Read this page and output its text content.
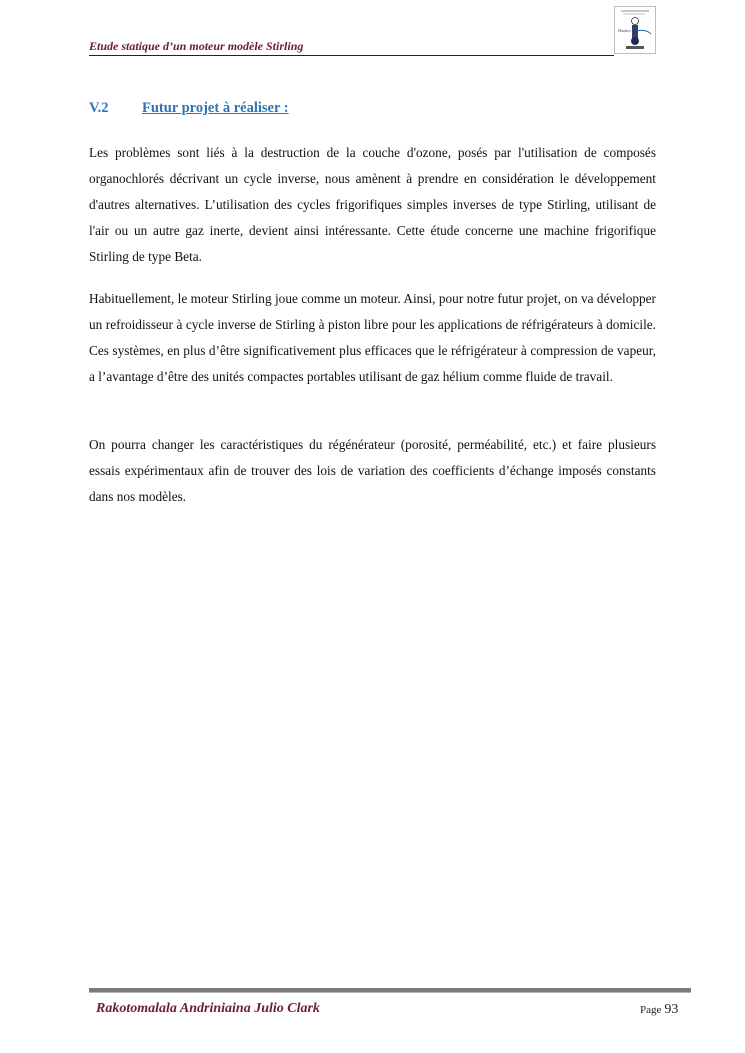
Etude statique d’un moteur modèle Stirling
Hanitra
V.2 Futur projet à réaliser :

Les problèmes sont liés à la destruction de la couche d'ozone, posés par l'utilisation de composés organochlorés décrivant un cycle inverse, nous amènent à prendre en considération le développement d'autres alternatives. L’utilisation des cycles frigorifiques simples inverses de type Stirling, utilisant de l'air ou un autre gaz inerte, devient ainsi intéressante. Cette étude concerne une machine frigorifique Stirling de type Beta.

Habituellement, le moteur Stirling joue comme un moteur. Ainsi, pour notre futur projet, on va développer un refroidisseur à cycle inverse de Stirling à piston libre pour les applications de réfrigérateurs à domicile. Ces systèmes, en plus d’être significativement plus efficaces que le réfrigérateur à compression de vapeur, a l’avantage d’être des unités compactes portables utilisant de gaz hélium comme fluide de travail.

On pourra changer les caractéristiques du régénérateur (porosité, perméabilité, etc.) et faire plusieurs essais expérimentaux afin de trouver des lois de variation des coefficients d’échange imposés constants dans nos modèles.

Rakotomalala Andriniaina Julio Clark	Page 93
